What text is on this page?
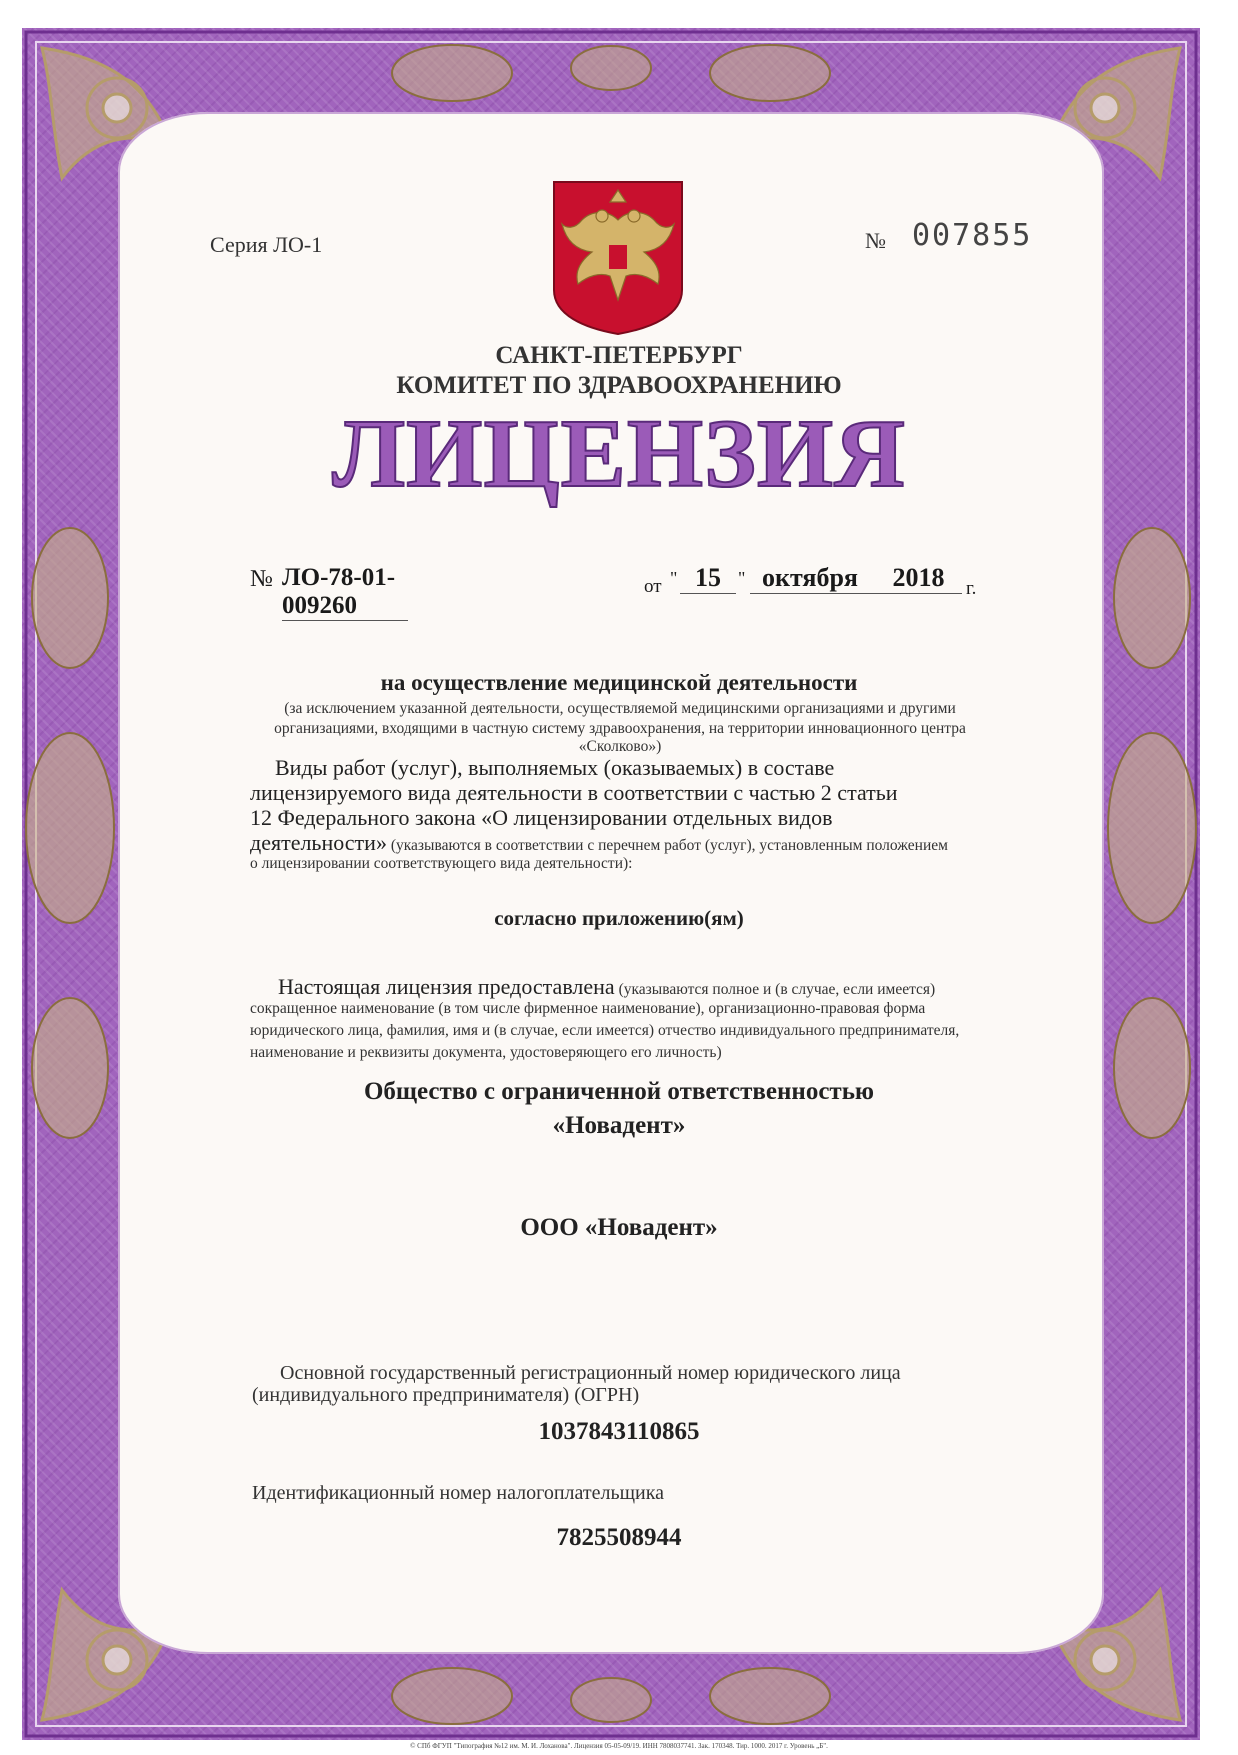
Серия ЛО-1	№ 007855
САНКТ-ПЕТЕРБУРГ
КОМИТЕТ ПО ЗДРАВООХРАНЕНИЮ
ЛИЦЕНЗИЯ
№ ЛО-78-01-009260
от " 15 " октября 2018	г.
на осуществление медицинской деятельности
(за исключением указанной деятельности, осуществляемой медицинскими организациями и другими
организациями, входящими в частную систему здравоохранения, на территории инновационного центра
«Сколково»)
Виды работ (услуг), выполняемых (оказываемых) в составе
лицензируемого вида деятельности в соответствии с частью 2 статьи
12 Федерального закона «О лицензировании отдельных видов
деятельности» (указываются в соответствии с перечнем работ (услуг), установленным положением
о лицензировании соответствующего вида деятельности):
согласно приложению(ям)
Настоящая лицензия предоставлена (указываются полное и (в случае, если имеется)
сокращенное наименование (в том числе фирменное наименование), организационно-правовая форма
юридического лица, фамилия, имя и (в случае, если имеется) отчество индивидуального предпринимателя,
наименование и реквизиты документа, удостоверяющего его личность)
Общество с ограниченной ответственностью
«Новадент»
ООО «Новадент»
Основной государственный регистрационный номер юридического лица
(индивидуального предпринимателя) (ОГРН)
1037843110865
Идентификационный номер налогоплательщика
7825508944
© СПб ФГУП "Типография №12 им. М. И. Лоханова". Лицензия 05-05-09/19. ИНН 7808037741. Зак. 170348. Тир. 1000. 2017 г. Уровень „Б".
